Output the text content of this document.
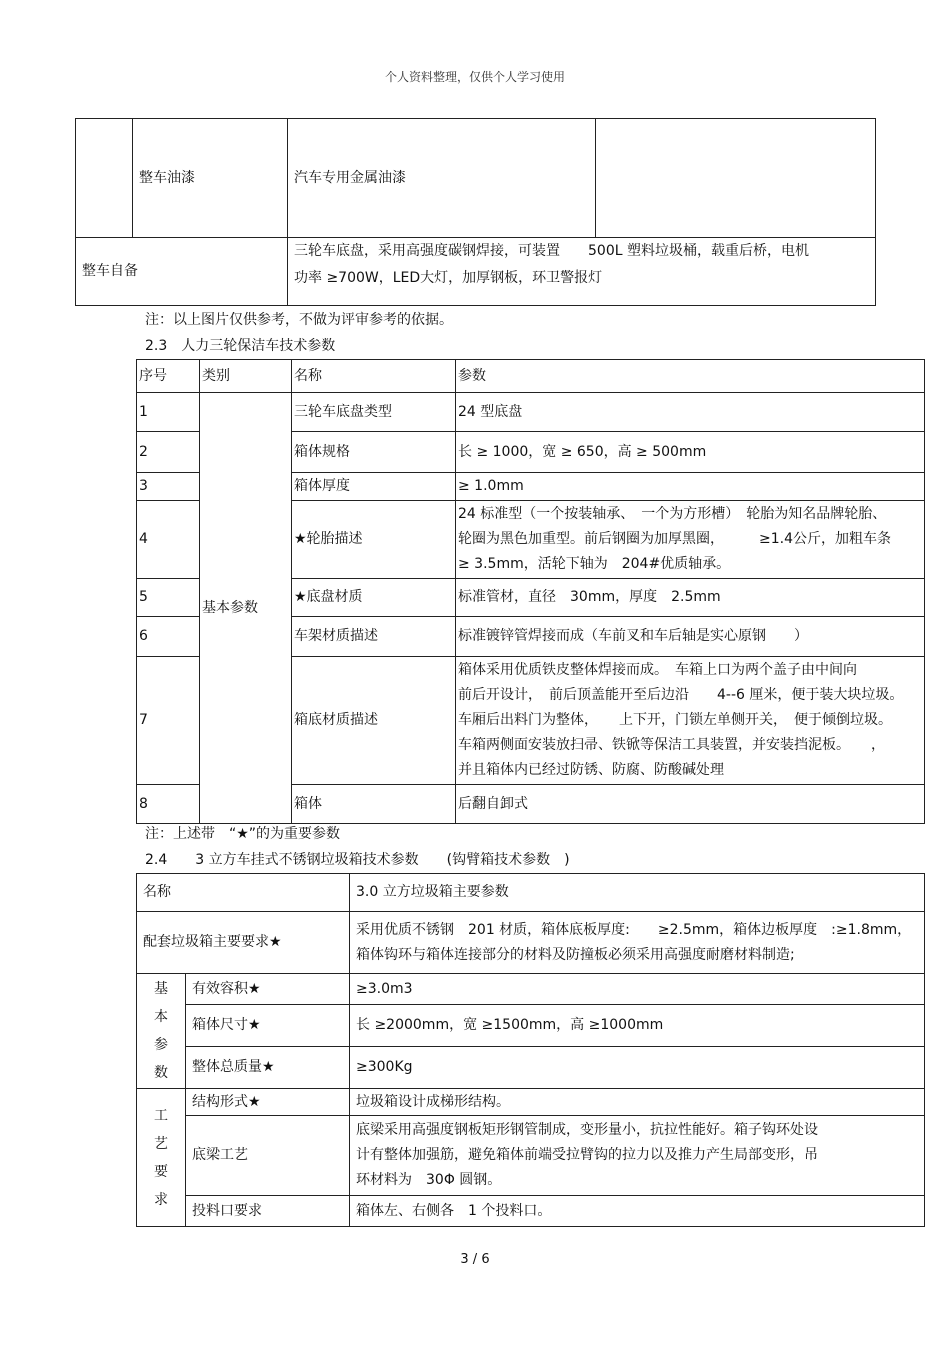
个人资料整理，仅供个人学习使用
	整车油漆	汽车专用金属油漆	
整车自备		三轮车底盘，采用高强度碳钢焊接，可装置　　500L 塑料垃圾桶，载重后桥，电机
功率 ≥700W，LED大灯，加厚钢板，环卫警报灯	
注：以上图片仅供参考，不做为评审参考的依据。
2.3　人力三轮保洁车技术参数
序号	类别	名称	参数
1	基本参数	三轮车底盘类型	24 型底盘
2		箱体规格	长 ≥ 1000，宽 ≥ 650，高 ≥ 500mm
3		箱体厚度	≥ 1.0mm
4		★轮胎描述	24 标准型（一个按装轴承、　一个为方形槽）　轮胎为知名品牌轮胎、
轮圈为黑色加重型。前后钢圈为加厚黑圈，　　　≥1.4公斤，加粗车条
≥ 3.5mm，活轮下轴为　204#优质轴承。

5		★底盘材质	标准管材，直径　30mm，厚度　2.5mm
6		车架材质描述	标准镀锌管焊接而成（车前叉和车后轴是实心原钢　　）
7		箱底材质描述	箱体采用优质铁皮整体焊接而成。　车箱上口为两个盖子由中间向
前后开设计，　前后顶盖能开至后边沿　　4--6 厘米，便于装大块垃圾。
车厢后出料门为整体，　　上下开，门锁左单侧开关，　便于倾倒垃圾。
车箱两侧面安装放扫帚、铁锨等保洁工具装置，并安装挡泥板。　　，
并且箱体内已经过防锈、防腐、防酸碱处理

8		箱体	后翻自卸式
注：上述带　“★”的为重要参数
2.4　　3 立方车挂式不锈钢垃圾箱技术参数　　(钩臂箱技术参数　)
名称		3.0 立方垃圾箱主要参数
配套垃圾箱主要要求★		采用优质不锈钢　201 材质，箱体底板厚度:　　≥2.5mm，箱体边板厚度　:≥1.8mm，
箱体钩环与箱体连接部分的材料及防撞板必须采用高强度耐磨材料制造;

基
本
参
数	有效容积★	≥3.0m3
	箱体尺寸★	长 ≥2000mm，宽 ≥1500mm，高 ≥1000mm
	整体总质量★	≥300Kg

工
艺
要
求	结构形式★	垃圾箱设计成梯形结构。
	底梁工艺	底梁采用高强度钢板矩形钢管制成，变形量小，抗拉性能好。箱子钩环处设
计有整体加强筋，避免箱体前端受拉臂钩的拉力以及推力产生局部变形，吊
环材料为　30Φ 圆钢。

	投料口要求	箱体左、右侧各　1 个投料口。
3 / 6
